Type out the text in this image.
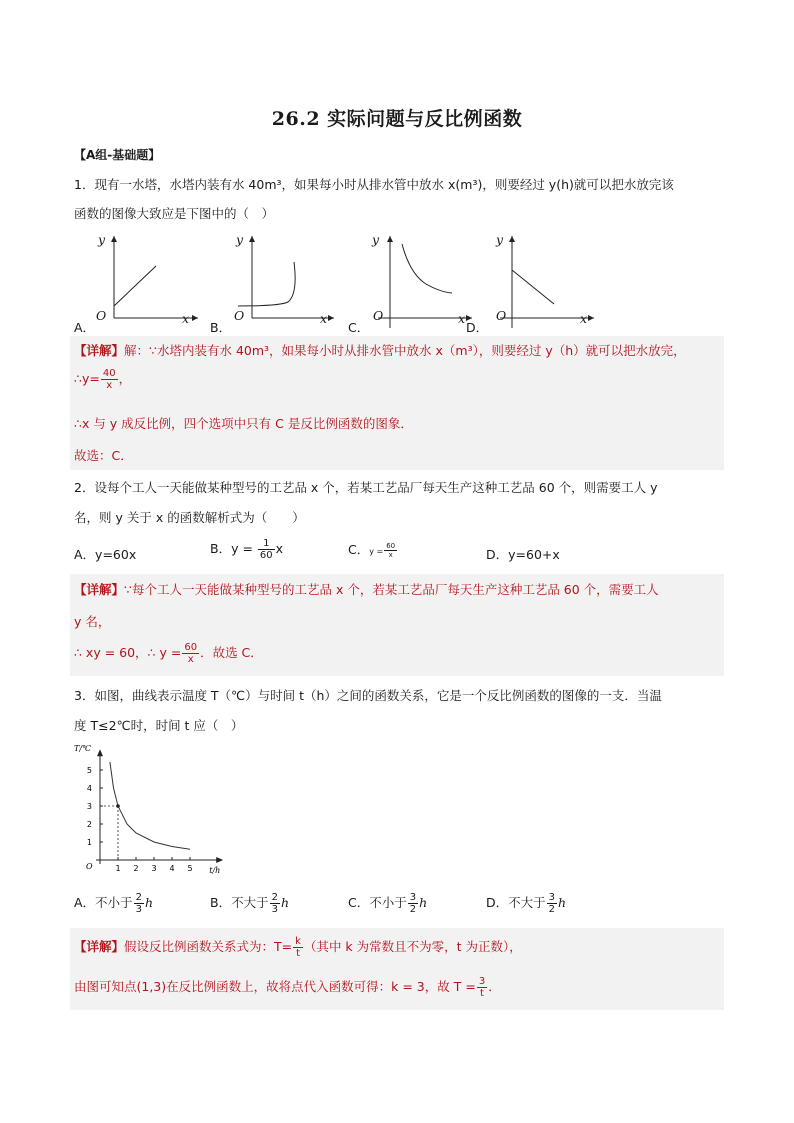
26.2 实际问题与反比例函数
【A组-基础题】
1．现有一水塔，水塔内装有水 40m³，如果每小时从排水管中放水 x(m³)，则要经过 y(h)就可以把水放完该
函数的图像大致应是下图中的（　）
y
O	x
A．
y
O	x
B．
y
O	x
C．
y
O	x
D．
【详解】解：∵水塔内装有水 40m³，如果每小时从排水管中放水 x（m³），则要经过 y（h）就可以把水放完，
∴y= $\frac{40}{x}$ ，
∴x 与 y 成反比例，四个选项中只有 C 是反比例函数的图象．
故选：C．
2．设每个工人一天能做某种型号的工艺品 x 个，若某工艺品厂每天生产这种工艺品 60 个，则需要工人 y
名，则 y 关于 x 的函数解析式为（　　）
A．y=60x	B．$y = \frac{1}{60}$ x	C．$y = \frac{60}{x}$	D．y=60+x
【详解】∵每个工人一天能做某种型号的工艺品 x 个，若某工艺品厂每天生产这种工艺品 60 个，需要工人
y 名，
∴ xy = 60，∴ $y = \frac{60}{x}$ ．故选 C．
3．如图，曲线表示温度 T（℃）与时间 t（h）之间的函数关系，它是一个反比例函数的图像的一支．当温
度 T≤2℃时，时间 t 应（　）
1 2 3 4 5
1
2
3
4
5
O	t/h
T/℃
A．不小于 $\frac{2}{3}$ h	B．不大于 $\frac{2}{3}$ h	C．不小于 $\frac{3}{2}$ h	D．不大于 $\frac{3}{2}$ h
【详解】假设反比例函数关系式为：$T= \frac{k}{t}$ （其中 k 为常数且不为零，t 为正数），
由图可知点(1,3)在反比例函数上，故将点代入函数可得：k = 3，故 $T = \frac{3}{t}$ ．
